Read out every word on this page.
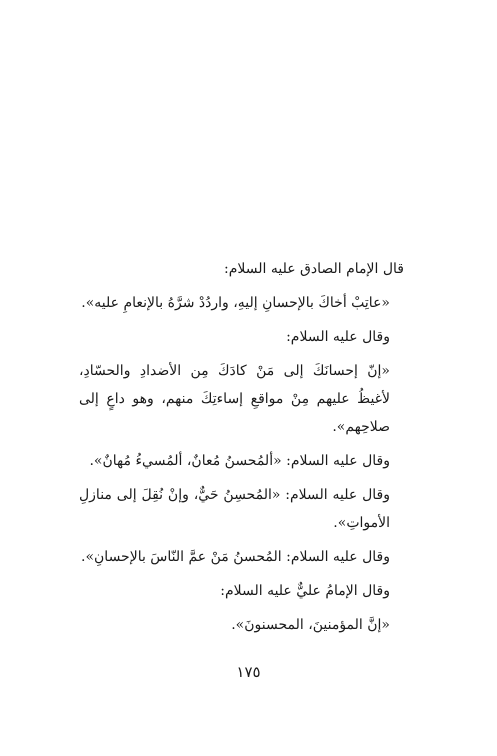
قال الإمام الصادق عليه السلام:

«عاتِبْ أخاكَ بالإحسانِ إليهِ، واردُدْ شرَّهُ بالإنعامِ عليه».

وقال عليه السلام:

«إنّ إحسانَكَ إلى مَنْ كادَكَ مِن الأضدادِ والحسّادِ، لأغيظُ عليهم مِنْ مواقعِ إساءتِكَ منهم، وهو داعٍ إلى صلاحِهم».

وقال عليه السلام: «ألمُحسنُ مُعانٌ، ألمُسيءُ مُهانٌ».

وقال عليه السلام: «المُحسِنُ حَيٌّ، وإنْ نُقِلَ إلى منازلِ الأمواتِ».

وقال عليه السلام: المُحسنُ مَنْ عمَّ النّاسَ بالإحسانِ».

وقال الإمامُ عليٌّ عليه السلام:

«إنَّ المؤمنينَ، المحسنونَ».

١٧٥
